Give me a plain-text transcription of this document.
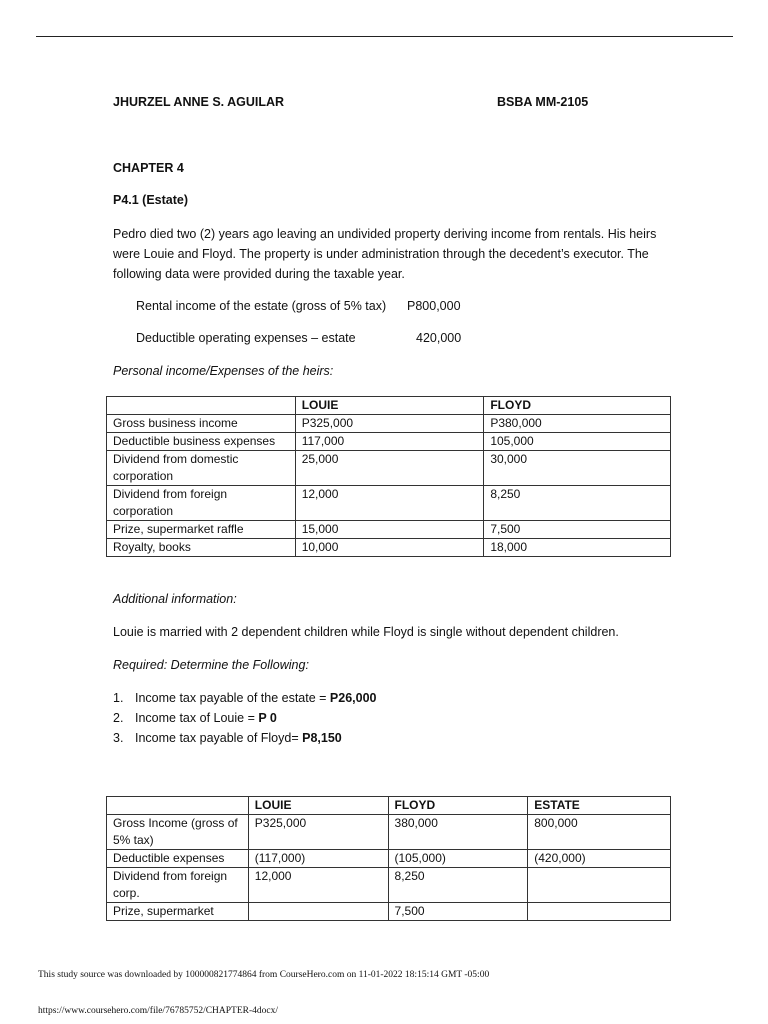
JHURZEL ANNE S. AGUILAR	BSBA MM-2105
CHAPTER 4
P4.1 (Estate)
Pedro died two (2) years ago leaving an undivided property deriving income from rentals. His heirs were Louie and Floyd. The property is under administration through the decedent’s executor. The following data were provided during the taxable year.
Rental income of the estate (gross of 5% tax) P800,000
Deductible operating expenses – estate	420,000
Personal income/Expenses of the heirs:
	LOUIE	FLOYD
Gross business income	P325,000	P380,000
Deductible business expenses	117,000	105,000
Dividend from domestic corporation	25,000	30,000
Dividend from foreign corporation	12,000	8,250
Prize, supermarket raffle	15,000	7,500
Royalty, books	10,000	18,000
Additional information:
Louie is married with 2 dependent children while Floyd is single without dependent children.
Required: Determine the Following:
1. Income tax payable of the estate = P26,000
2. Income tax of Louie = P 0
3. Income tax payable of Floyd= P8,150
	LOUIE	FLOYD	ESTATE
Gross Income (gross of 5% tax)	P325,000	380,000	800,000
Deductible expenses	(117,000)	(105,000)	(420,000)
Dividend from foreign corp.	12,000	8,250	
Prize, supermarket		7,500	
This study source was downloaded by 100000821774864 from CourseHero.com on 11-01-2022 18:15:14 GMT -05:00
https://www.coursehero.com/file/76785752/CHAPTER-4docx/
